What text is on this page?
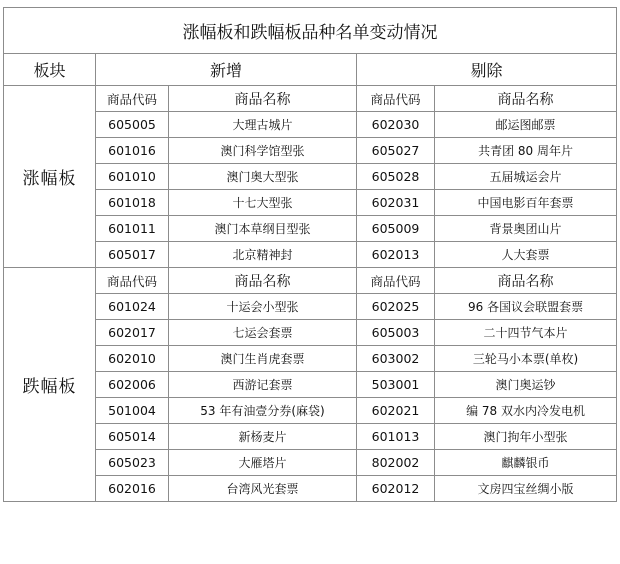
涨幅板和跌幅板品种名单变动情况				
板块	新增		剔除	
涨幅板	商品代码	商品名称	商品代码	商品名称
	605005	大理古城片	602030	邮运图邮票
	601016	澳门科学馆型张	605027	共青团 80 周年片
	601010	澳门奥大型张	605028	五届城运会片
	601018	十七大型张	602031	中国电影百年套票
	601011	澳门本草纲目型张	605009	背景奥团山片
	605017	北京精神封	602013	人大套票
跌幅板	商品代码	商品名称	商品代码	商品名称
	601024	十运会小型张	602025	96 各国议会联盟套票
	602017	七运会套票	605003	二十四节气本片
	602010	澳门生肖虎套票	603002	三轮马小本票(单枚)
	602006	西游记套票	503001	澳门奥运钞
	501004	53 年有油壹分券(麻袋)	602021	编 78 双水内冷发电机
	605014	新杨麦片	601013	澳门拘年小型张
	605023	大雁塔片	802002	麒麟银币
	602016	台湾风光套票	602012	文房四宝丝绸小版
